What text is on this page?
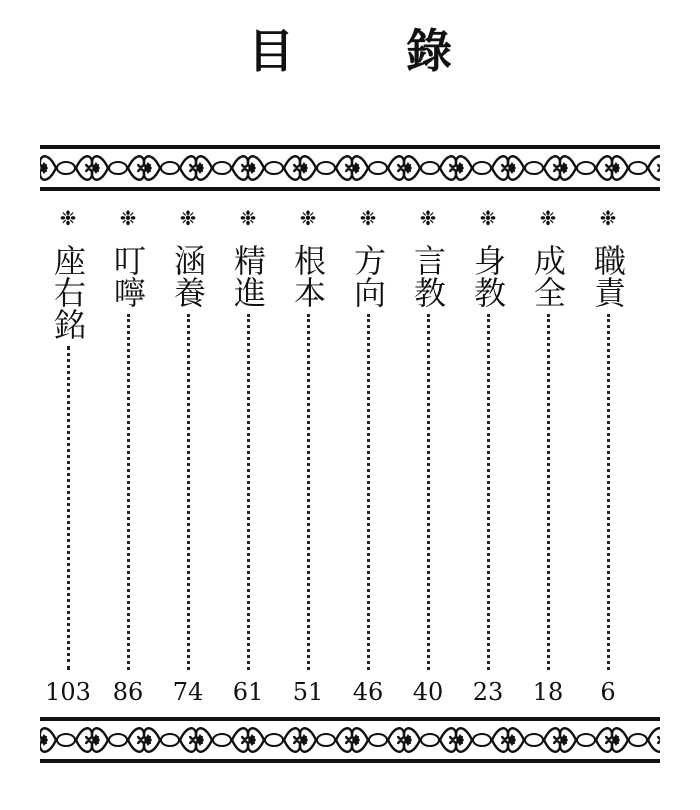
目 錄
❉
座右銘
103
❉
叮嚀
86
❉
涵養
74
❉
精進
61
❉
根本
51
❉
方向
46
❉
言教
40
❉
身教
23
❉
成全
18
❉
職責
6
